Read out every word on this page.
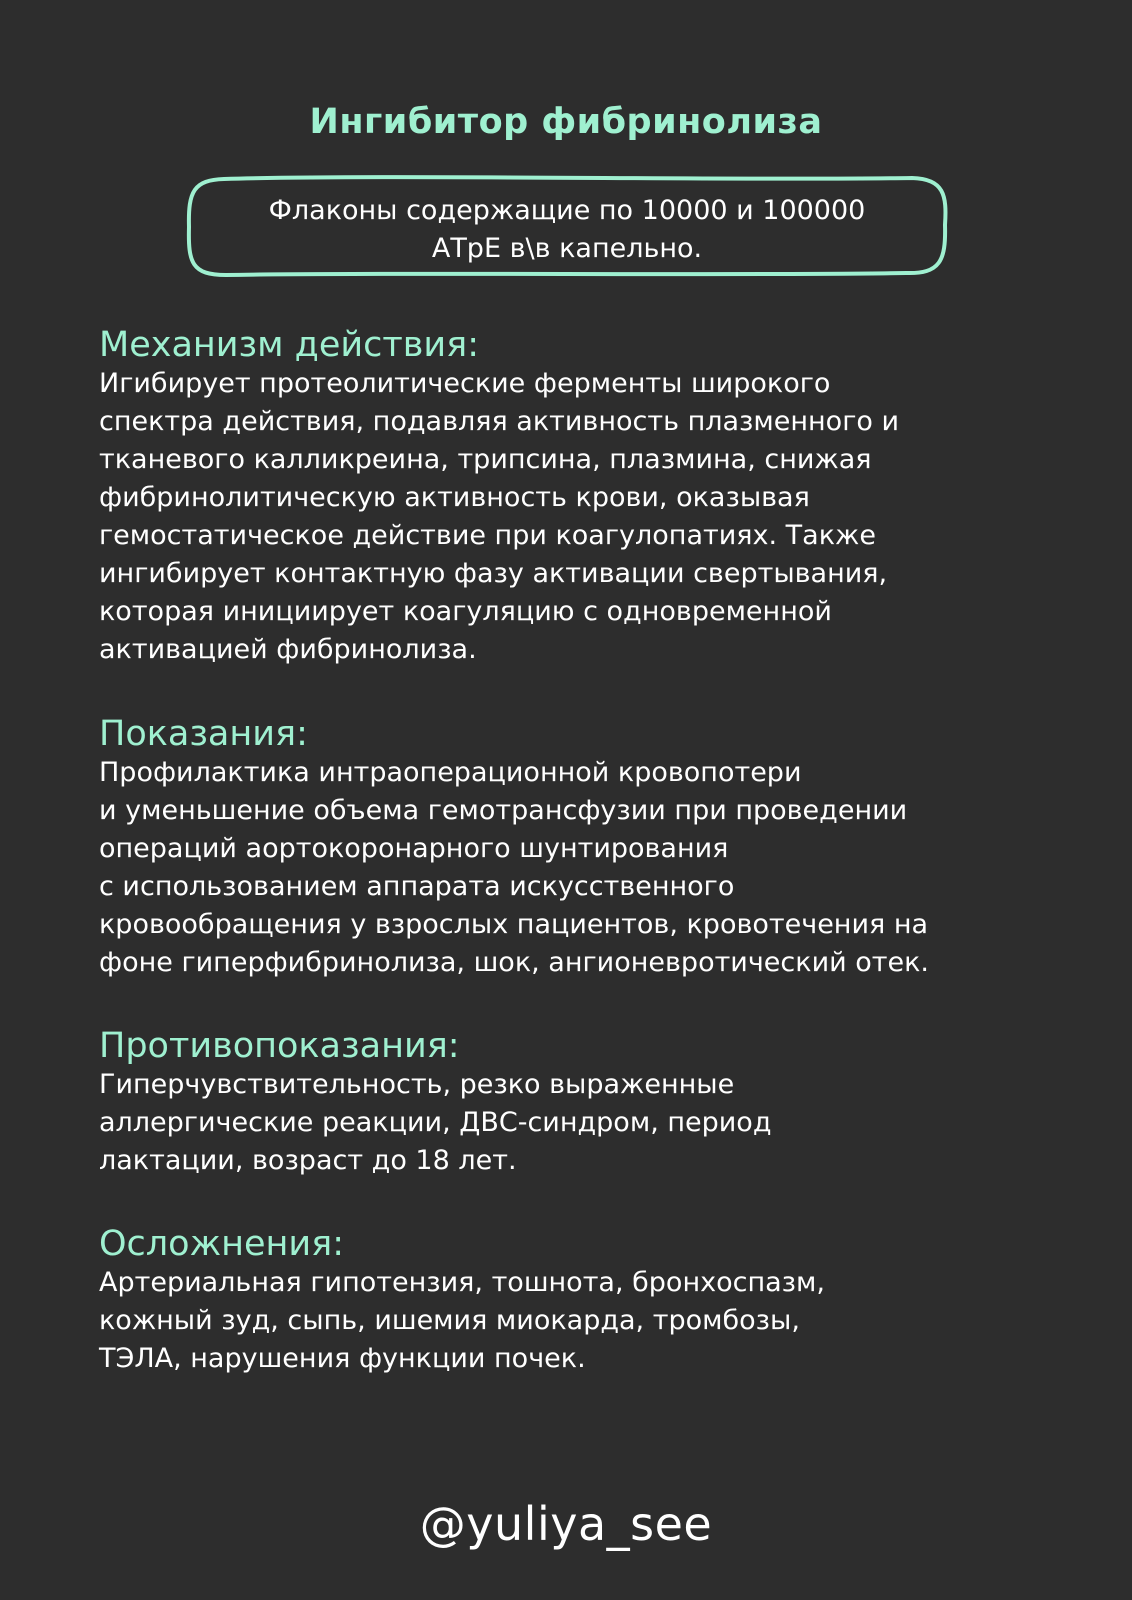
Ингибитор фибринолиза

Флаконы содержащие по 10000 и 100000
АТрЕ в\в капельно.

Механизм действия:

Игибирует протеолитические ферменты широкого
спектра действия, подавляя активность плазменного и
тканевого калликреина, трипсина, плазмина, снижая
фибринолитическую активность крови, оказывая
гемостатическое действие при коагулопатиях. Также
ингибирует контактную фазу активации свертывания,
которая инициирует коагуляцию с одновременной
активацией фибринолиза.

Показания:

Профилактика интраоперационной кровопотери
и уменьшение объема гемотрансфузии при проведении
операций аортокоронарного шунтирования
с использованием аппарата искусственного
кровообращения у взрослых пациентов, кровотечения на
фоне гиперфибринолиза, шок, ангионевротический отек.

Противопоказания:

Гиперчувствительность, резко выраженные
аллергические реакции, ДВС-синдром, период
лактации, возраст до 18 лет.

Осложнения:

Артериальная гипотензия, тошнота, бронхоспазм,
кожный зуд, сыпь, ишемия миокарда, тромбозы,
ТЭЛА, нарушения функции почек.

@yuliya_see
